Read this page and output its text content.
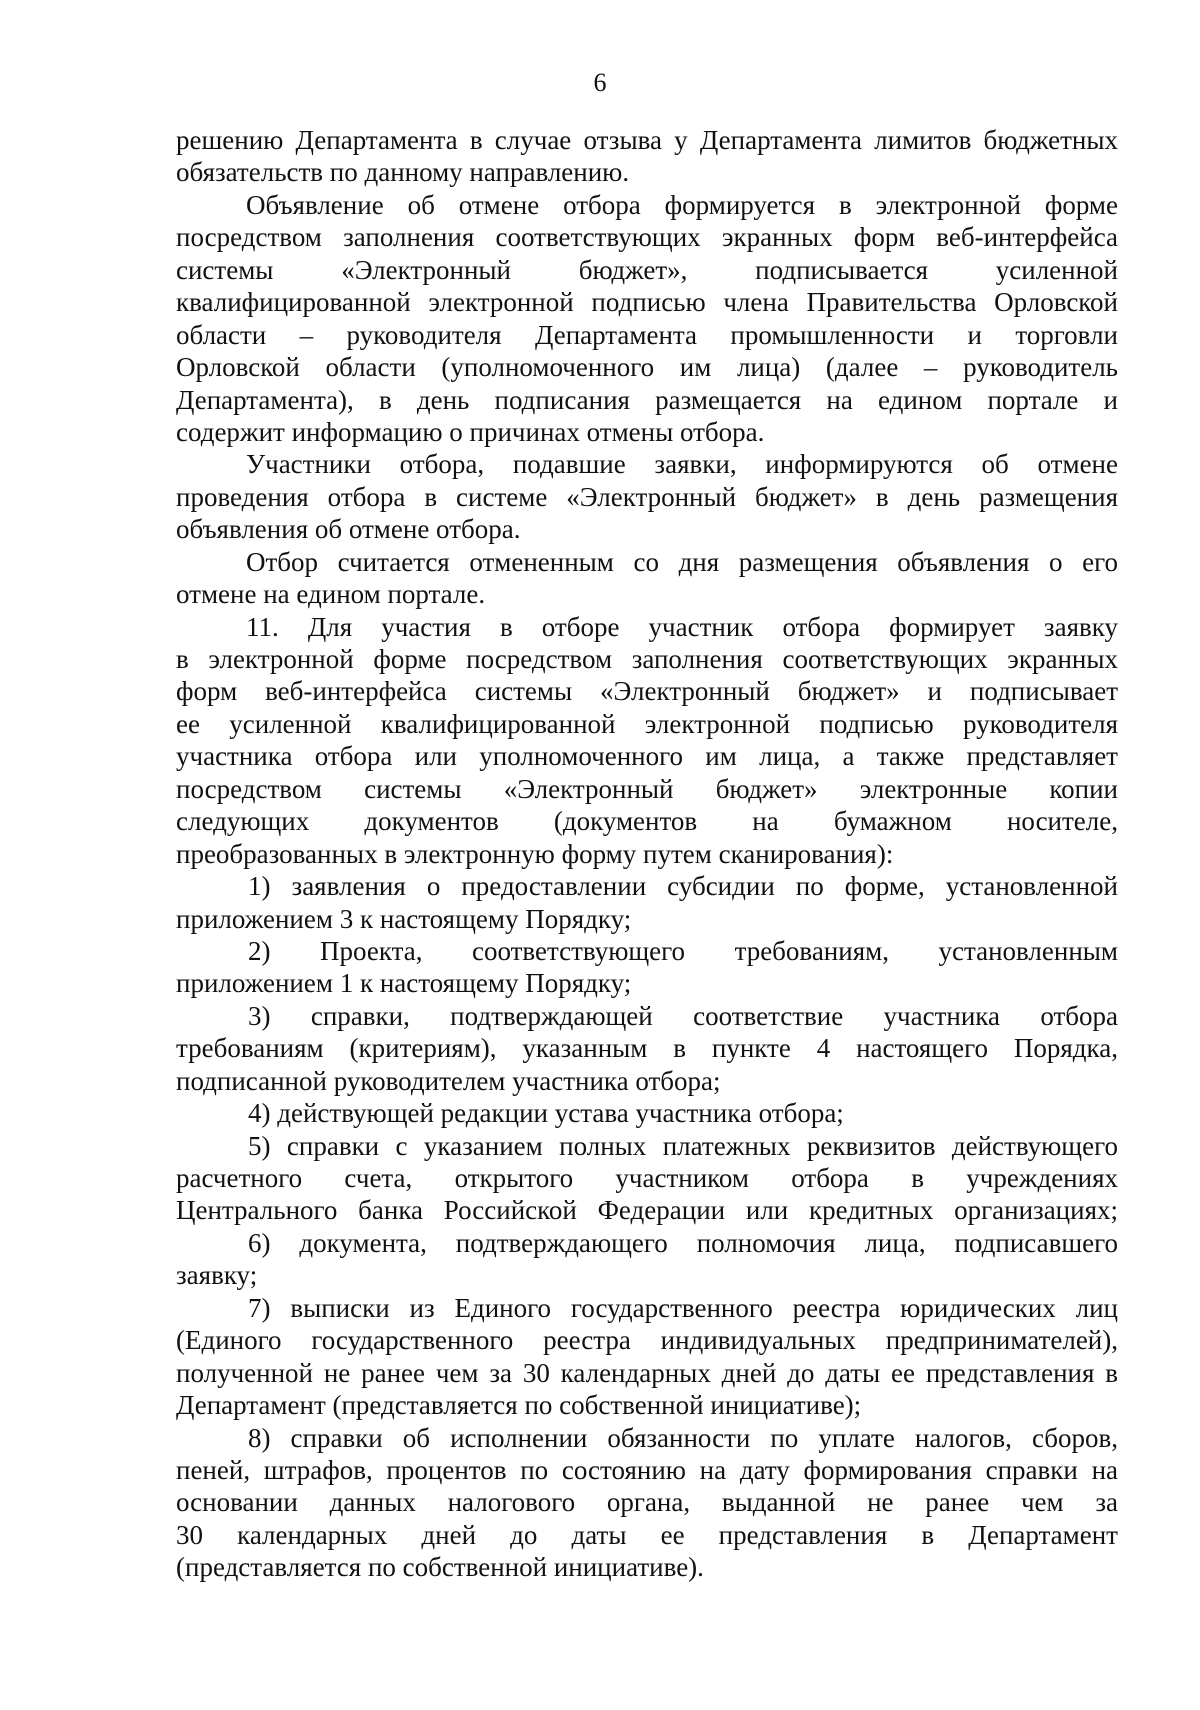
6
решению Департамента в случае отзыва у Департамента лимитов бюджетных
обязательств по данному направлению.
Объявление об отмене отбора формируется в электронной форме
посредством заполнения соответствующих экранных форм веб-интерфейса
системы «Электронный бюджет», подписывается усиленной
квалифицированной электронной подписью члена Правительства Орловской
области – руководителя Департамента промышленности и торговли
Орловской области (уполномоченного им лица) (далее – руководитель
Департамента), в день подписания размещается на едином портале и
содержит информацию о причинах отмены отбора.
Участники отбора, подавшие заявки, информируются об отмене
проведения отбора в системе «Электронный бюджет» в день размещения
объявления об отмене отбора.
Отбор считается отмененным со дня размещения объявления о его
отмене на едином портале.
11. Для участия в отборе участник отбора формирует заявку
в электронной форме посредством заполнения соответствующих экранных
форм веб-интерфейса системы «Электронный бюджет» и подписывает
ее усиленной квалифицированной электронной подписью руководителя
участника отбора или уполномоченного им лица, а также представляет
посредством системы «Электронный бюджет» электронные копии
следующих документов (документов на бумажном носителе,
преобразованных в электронную форму путем сканирования):
1) заявления о предоставлении субсидии по форме, установленной
приложением 3 к настоящему Порядку;
2) Проекта, соответствующего требованиям, установленным
приложением 1 к настоящему Порядку;
3) справки, подтверждающей соответствие участника отбора
требованиям (критериям), указанным в пункте 4 настоящего Порядка,
подписанной руководителем участника отбора;
4) действующей редакции устава участника отбора;
5) справки с указанием полных платежных реквизитов действующего
расчетного счета, открытого участником отбора в учреждениях
Центрального банка Российской Федерации или кредитных организациях;
6) документа, подтверждающего полномочия лица, подписавшего
заявку;
7) выписки из Единого государственного реестра юридических лиц
(Единого государственного реестра индивидуальных предпринимателей),
полученной не ранее чем за 30 календарных дней до даты ее представления в
Департамент (представляется по собственной инициативе);
8) справки об исполнении обязанности по уплате налогов, сборов,
пеней, штрафов, процентов по состоянию на дату формирования справки на
основании данных налогового органа, выданной не ранее чем за
30 календарных дней до даты ее представления в Департамент
(представляется по собственной инициативе).
